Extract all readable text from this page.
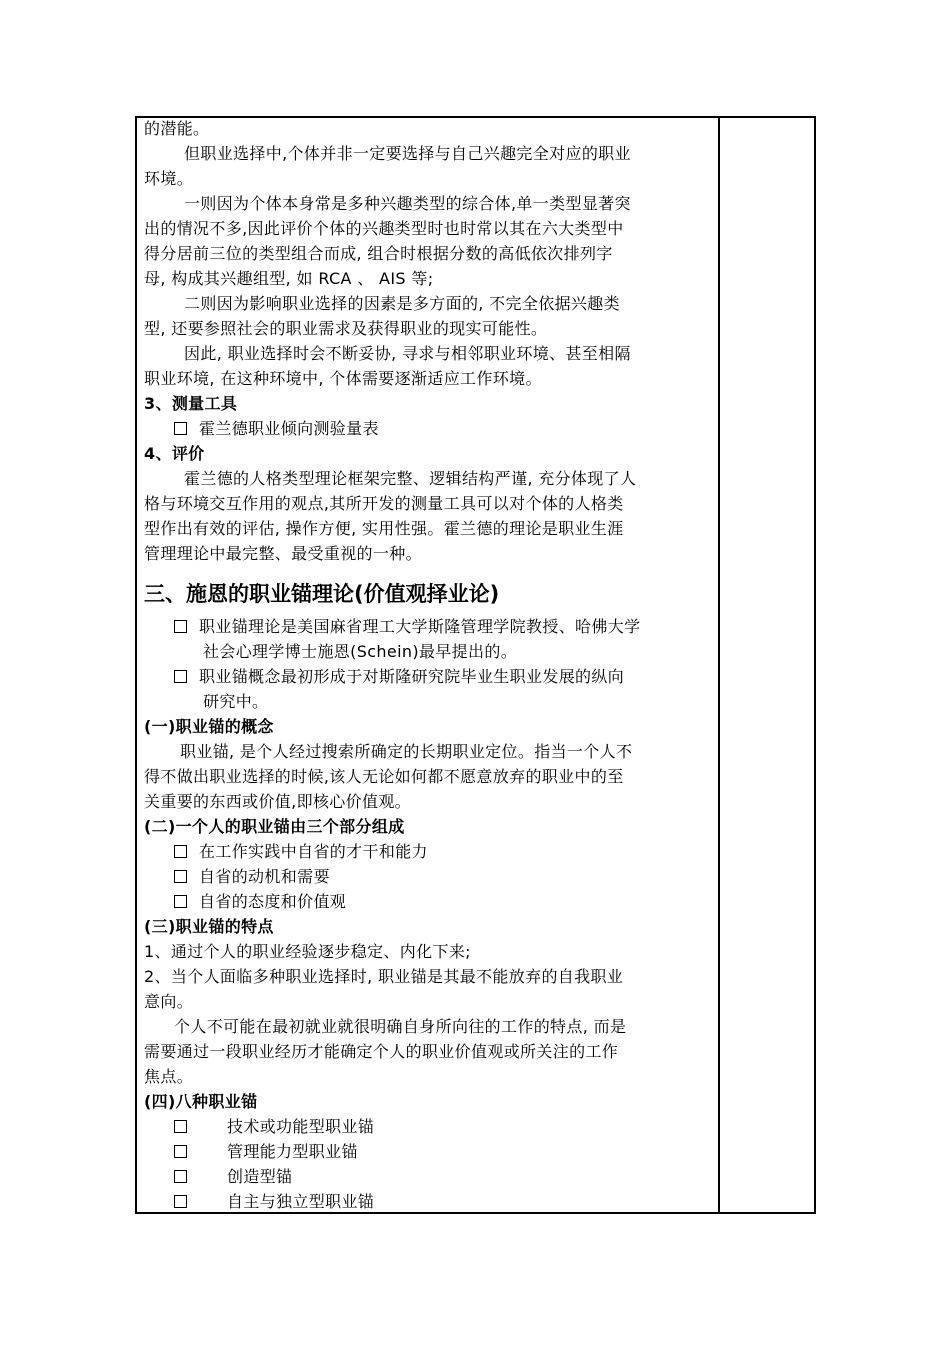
的潜能。
但职业选择中,个体并非一定要选择与自己兴趣完全对应的职业
环境。
一则因为个体本身常是多种兴趣类型的综合体,单一类型显著突
出的情况不多,因此评价个体的兴趣类型时也时常以其在六大类型中
得分居前三位的类型组合而成, 组合时根据分数的高低依次排列字
母, 构成其兴趣组型, 如 RCA 、 AIS 等;
二则因为影响职业选择的因素是多方面的, 不完全依据兴趣类
型, 还要参照社会的职业需求及获得职业的现实可能性。
因此, 职业选择时会不断妥协, 寻求与相邻职业环境、甚至相隔
职业环境, 在这种环境中, 个体需要逐渐适应工作环境。
3、测量工具
霍兰德职业倾向测验量表
4、评价
霍兰德的人格类型理论框架完整、逻辑结构严谨, 充分体现了人
格与环境交互作用的观点,其所开发的测量工具可以对个体的人格类
型作出有效的评估, 操作方便, 实用性强。霍兰德的理论是职业生涯
管理理论中最完整、最受重视的一种。
三、施恩的职业锚理论(价值观择业论)
职业锚理论是美国麻省理工大学斯隆管理学院教授、哈佛大学
社会心理学博士施恩(Schein)最早提出的。
职业锚概念最初形成于对斯隆研究院毕业生职业发展的纵向
研究中。
(一)职业锚的概念
职业锚, 是个人经过搜索所确定的长期职业定位。指当一个人不
得不做出职业选择的时候,该人无论如何都不愿意放弃的职业中的至
关重要的东西或价值,即核心价值观。
(二)一个人的职业锚由三个部分组成
在工作实践中自省的才干和能力
自省的动机和需要
自省的态度和价值观
(三)职业锚的特点
1、通过个人的职业经验逐步稳定、内化下来;
2、当个人面临多种职业选择时, 职业锚是其最不能放弃的自我职业
意向。
个人不可能在最初就业就很明确自身所向往的工作的特点, 而是
需要通过一段职业经历才能确定个人的职业价值观或所关注的工作
焦点。
(四)八种职业锚
技术或功能型职业锚
管理能力型职业锚
创造型锚
自主与独立型职业锚
